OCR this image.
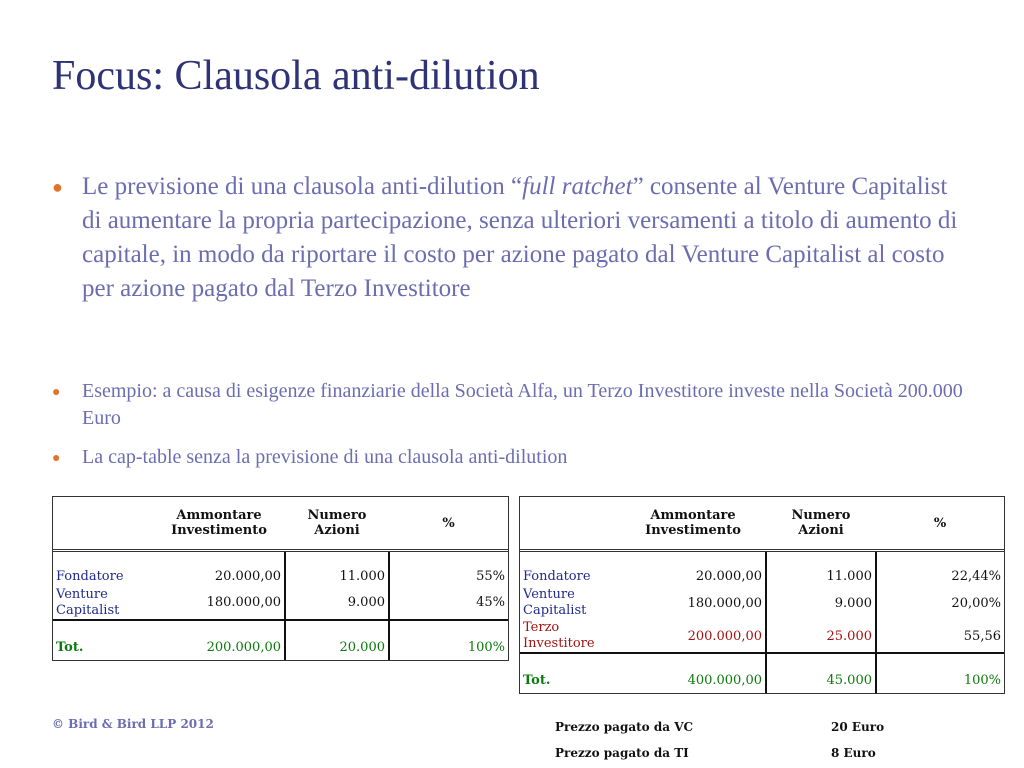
Focus: Clausola anti-dilution
● Le previsione di una clausola anti-dilution “full ratchet” consente al Venture Capitalist di aumentare la propria partecipazione, senza ulteriori versamenti a titolo di aumento di capitale, in modo da riportare il costo per azione pagato dal Venture Capitalist al costo per azione pagato dal Terzo Investitore
● Esempio: a causa di esigenze finanziarie della Società Alfa, un Terzo Investitore investe nella Società 200.000 Euro
● La cap-table senza la previsione di una clausola anti-dilution
	Ammontare Investimento	Numero Azioni	%

Fondatore	20.000,00	11.000	55%
Venture Capitalist	180.000,00	9.000	45%

Tot.	200.000,00	20.000	100%
	Ammontare Investimento	Numero Azioni	%

Fondatore	20.000,00	11.000	22,44%
Venture Capitalist	180.000,00	9.000	20,00%
Terzo Investitore	200.000,00	25.000	55,56

Tot.	400.000,00	45.000	100%
Prezzo pagato da VC	20 Euro
Prezzo pagato da TI	8 Euro
© Bird & Bird LLP 2012
